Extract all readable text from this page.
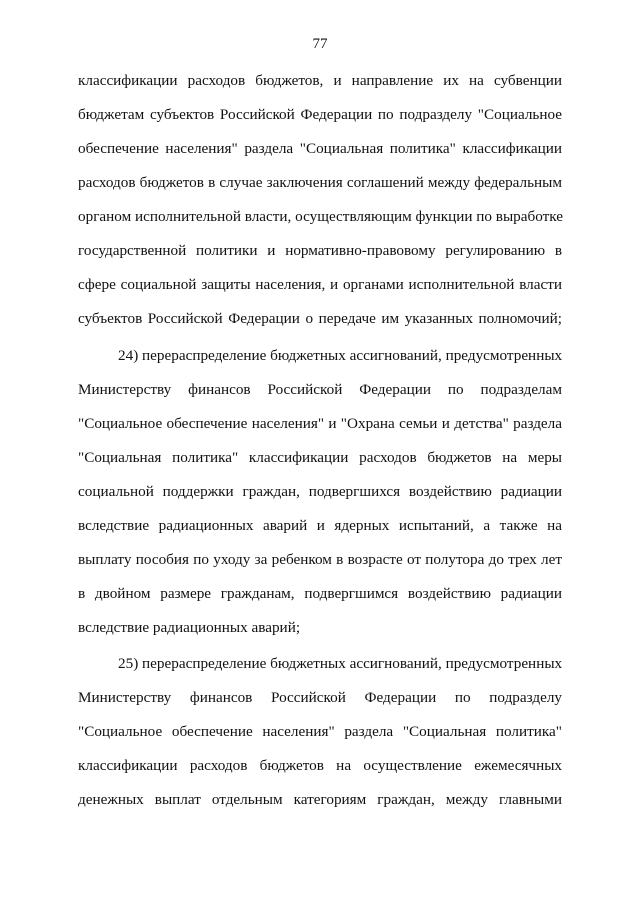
77
классификации расходов бюджетов, и направление их на субвенции
бюджетам субъектов Российской Федерации по подразделу "Социальное
обеспечение населения" раздела "Социальная политика" классификации
расходов бюджетов в случае заключения соглашений между федеральным
органом исполнительной власти, осуществляющим функции по выработке
государственной политики и нормативно-правовому регулированию в
сфере социальной защиты населения, и органами исполнительной власти
субъектов Российской Федерации о передаче им указанных полномочий;
24) перераспределение бюджетных ассигнований, предусмотренных
Министерству финансов Российской Федерации по подразделам
"Социальное обеспечение населения" и "Охрана семьи и детства" раздела
"Социальная политика" классификации расходов бюджетов на меры
социальной поддержки граждан, подвергшихся воздействию радиации
вследствие радиационных аварий и ядерных испытаний, а также на
выплату пособия по уходу за ребенком в возрасте от полутора до трех лет
в двойном размере гражданам, подвергшимся воздействию радиации
вследствие радиационных аварий;
25) перераспределение бюджетных ассигнований, предусмотренных
Министерству финансов Российской Федерации по подразделу
"Социальное обеспечение населения" раздела "Социальная политика"
классификации расходов бюджетов на осуществление ежемесячных
денежных выплат отдельным категориям граждан, между главными
